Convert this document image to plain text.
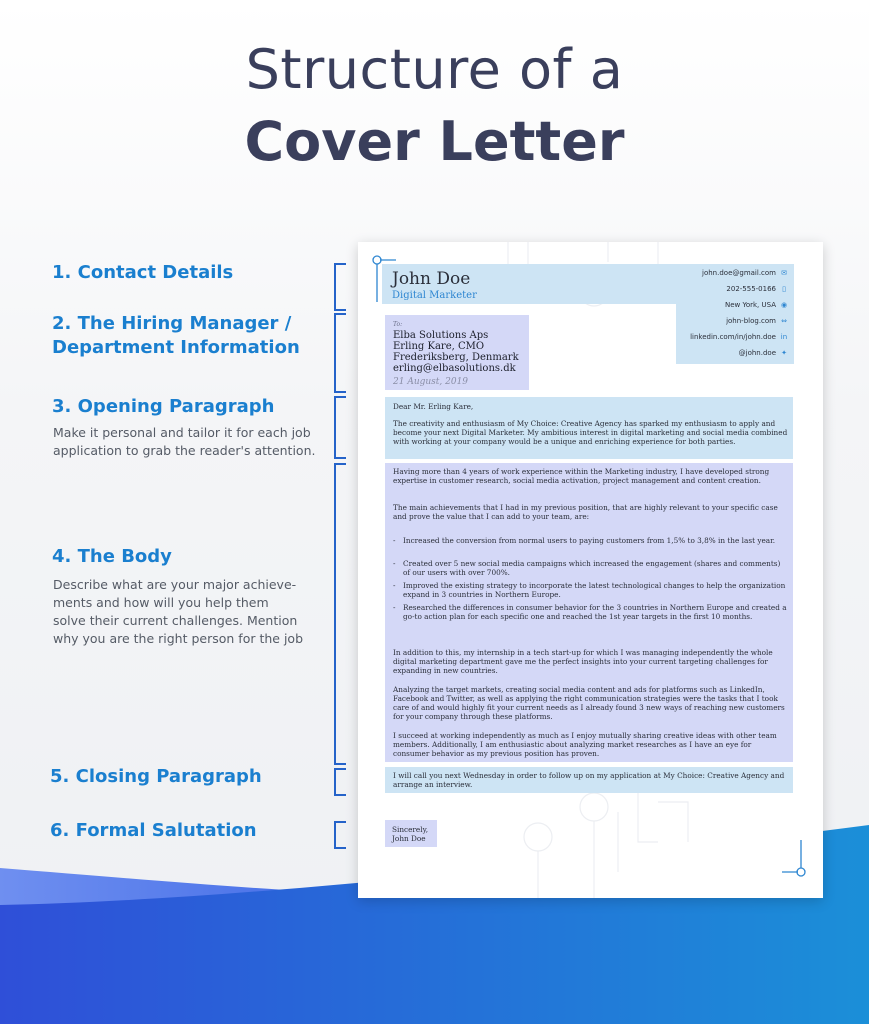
Structure of a
Cover Letter
1. Contact Details
2. The Hiring Manager /
Department Information
3. Opening Paragraph
Make it personal and tailor it for each job application to grab the reader's attention.
4. The Body
Describe what are your major achieve-ments and how will you help them solve their current challenges. Mention why you are the right person for the job
5. Closing Paragraph
6. Formal Salutation
John Doe
Digital Marketer
john.doe@gmail.com ✉
202-555-0166 ▯
New York, USA ◉
john-blog.com ⇔
linkedin.com/in/john.doe in
@john.doe ✦
To:
Elba Solutions Aps
Erling Kare, CMO
Frederiksberg, Denmark
erling@elbasolutions.dk
21 August, 2019
Dear Mr. Erling Kare,
The creativity and enthusiasm of My Choice: Creative Agency has sparked my enthusiasm to apply and become your next Digital Marketer. My ambitious interest in digital marketing and social media combined with working at your company would be a unique and enriching experience for both parties.
Having more than 4 years of work experience within the Marketing industry, I have developed strong expertise in customer research, social media activation, project management and content creation.
The main achievements that I had in my previous position, that are highly relevant to your specific case and prove the value that I can add to your team, are:
- Increased the conversion from normal users to paying customers from 1,5% to 3,8% in the last year.
- Created over 5 new social media campaigns which increased the engagement (shares and comments) of our users with over 700%.
- Improved the existing strategy to incorporate the latest technological changes to help the organization expand in 3 countries in Northern Europe.
- Researched the differences in consumer behavior for the 3 countries in Northern Europe and created a go-to action plan for each specific one and reached the 1st year targets in the first 10 months.
In addition to this, my internship in a tech start-up for which I was managing independently the whole digital marketing department gave me the perfect insights into your current targeting challenges for expanding in new countries.
Analyzing the target markets, creating social media content and ads for platforms such as LinkedIn, Facebook and Twitter, as well as applying the right communication strategies were the tasks that I took care of and would highly fit your current needs as I already found 3 new ways of reaching new customers for your company through these platforms.
I succeed at working independently as much as I enjoy mutually sharing creative ideas with other team members. Additionally, I am enthusiastic about analyzing market researches as I have an eye for consumer behavior as my previous position has proven.
I will call you next Wednesday in order to follow up on my application at My Choice: Creative Agency and arrange an interview.
Sincerely,
John Doe
